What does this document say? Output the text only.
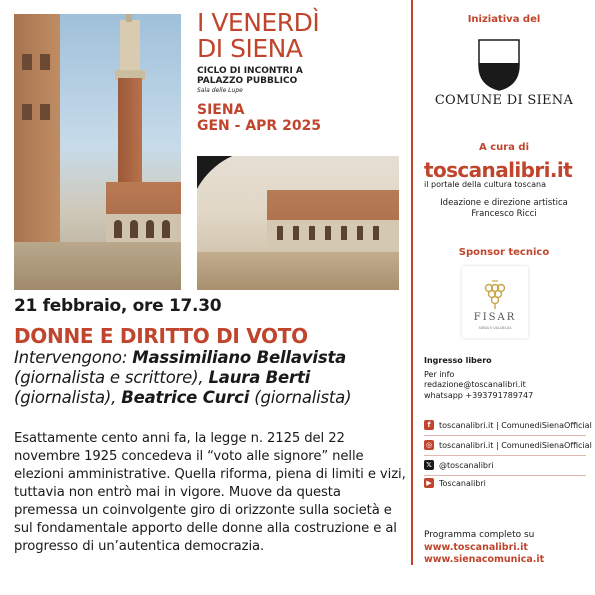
I VENERDÌ
DI SIENA
CICLO DI INCONTRI A
PALAZZO PUBBLICO
Sala delle Lupe
SIENA
GEN - APR 2025
21 febbraio, ore 17.30
DONNE E DIRITTO DI VOTO
Intervengono: Massimiliano Bellavista (giornalista e scrittore), Laura Berti (giornalista), Beatrice Curci (giornalista)
Esattamente cento anni fa, la legge n. 2125 del 22 novembre 1925 concedeva il “voto alle signore” nelle elezioni amministrative. Quella riforma, piena di limiti e vizi, tuttavia non entrò mai in vigore. Muove da questa premessa un coinvolgente giro di orizzonte sulla società e sul fondamentale apporto delle donne alla costruzione e al progresso di un’autentica democrazia.
Iniziativa del
COMUNE DI SIENA
A cura di
toscanalibri.it
il portale della cultura toscana
Ideazione e direzione artistica
Francesco Ricci
Sponsor tecnico
FISAR
SIENA E VALDELSA
Ingresso libero
Per info
redazione@toscanalibri.it
whatsapp +393791789747
f	toscanalibri.it | ComunediSienaOfficial
◎ toscanalibri.it | ComunediSienaOfficial
𝕏 @toscanalibri
▶ Toscanalibri
Programma completo su
www.toscanalibri.it
www.sienacomunica.it
